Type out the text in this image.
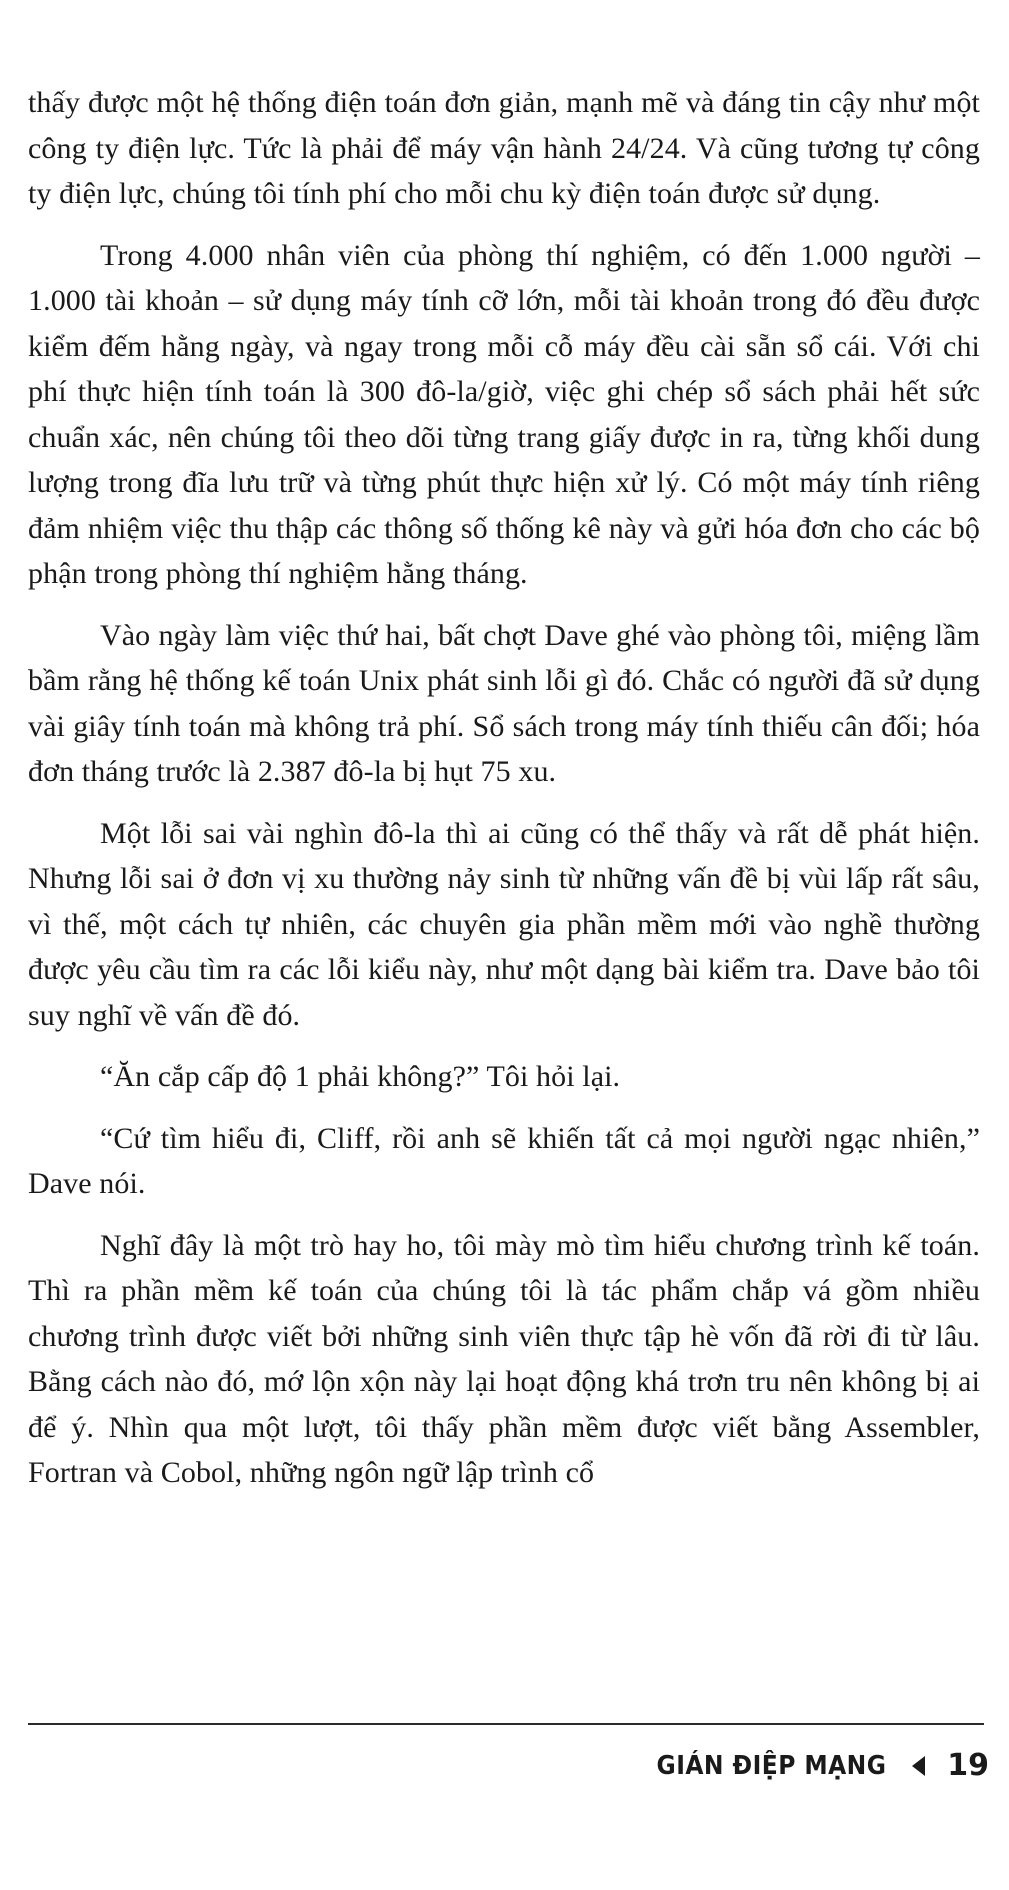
thấy được một hệ thống điện toán đơn giản, mạnh mẽ và đáng tin cậy như một công ty điện lực. Tức là phải để máy vận hành 24/24. Và cũng tương tự công ty điện lực, chúng tôi tính phí cho mỗi chu kỳ điện toán được sử dụng.

Trong 4.000 nhân viên của phòng thí nghiệm, có đến 1.000 người – 1.000 tài khoản – sử dụng máy tính cỡ lớn, mỗi tài khoản trong đó đều được kiểm đếm hằng ngày, và ngay trong mỗi cỗ máy đều cài sẵn sổ cái. Với chi phí thực hiện tính toán là 300 đô-la/giờ, việc ghi chép sổ sách phải hết sức chuẩn xác, nên chúng tôi theo dõi từng trang giấy được in ra, từng khối dung lượng trong đĩa lưu trữ và từng phút thực hiện xử lý. Có một máy tính riêng đảm nhiệm việc thu thập các thông số thống kê này và gửi hóa đơn cho các bộ phận trong phòng thí nghiệm hằng tháng.

Vào ngày làm việc thứ hai, bất chợt Dave ghé vào phòng tôi, miệng lầm bầm rằng hệ thống kế toán Unix phát sinh lỗi gì đó. Chắc có người đã sử dụng vài giây tính toán mà không trả phí. Sổ sách trong máy tính thiếu cân đối; hóa đơn tháng trước là 2.387 đô-la bị hụt 75 xu.

Một lỗi sai vài nghìn đô-la thì ai cũng có thể thấy và rất dễ phát hiện. Nhưng lỗi sai ở đơn vị xu thường nảy sinh từ những vấn đề bị vùi lấp rất sâu, vì thế, một cách tự nhiên, các chuyên gia phần mềm mới vào nghề thường được yêu cầu tìm ra các lỗi kiểu này, như một dạng bài kiểm tra. Dave bảo tôi suy nghĩ về vấn đề đó.

“Ăn cắp cấp độ 1 phải không?” Tôi hỏi lại.

“Cứ tìm hiểu đi, Cliff, rồi anh sẽ khiến tất cả mọi người ngạc nhiên,” Dave nói.

Nghĩ đây là một trò hay ho, tôi mày mò tìm hiểu chương trình kế toán. Thì ra phần mềm kế toán của chúng tôi là tác phẩm chắp vá gồm nhiều chương trình được viết bởi những sinh viên thực tập hè vốn đã rời đi từ lâu. Bằng cách nào đó, mớ lộn xộn này lại hoạt động khá trơn tru nên không bị ai để ý. Nhìn qua một lượt, tôi thấy phần mềm được viết bằng Assembler, Fortran và Cobol, những ngôn ngữ lập trình cổ

GIÁN ĐIỆP MẠNG 19
